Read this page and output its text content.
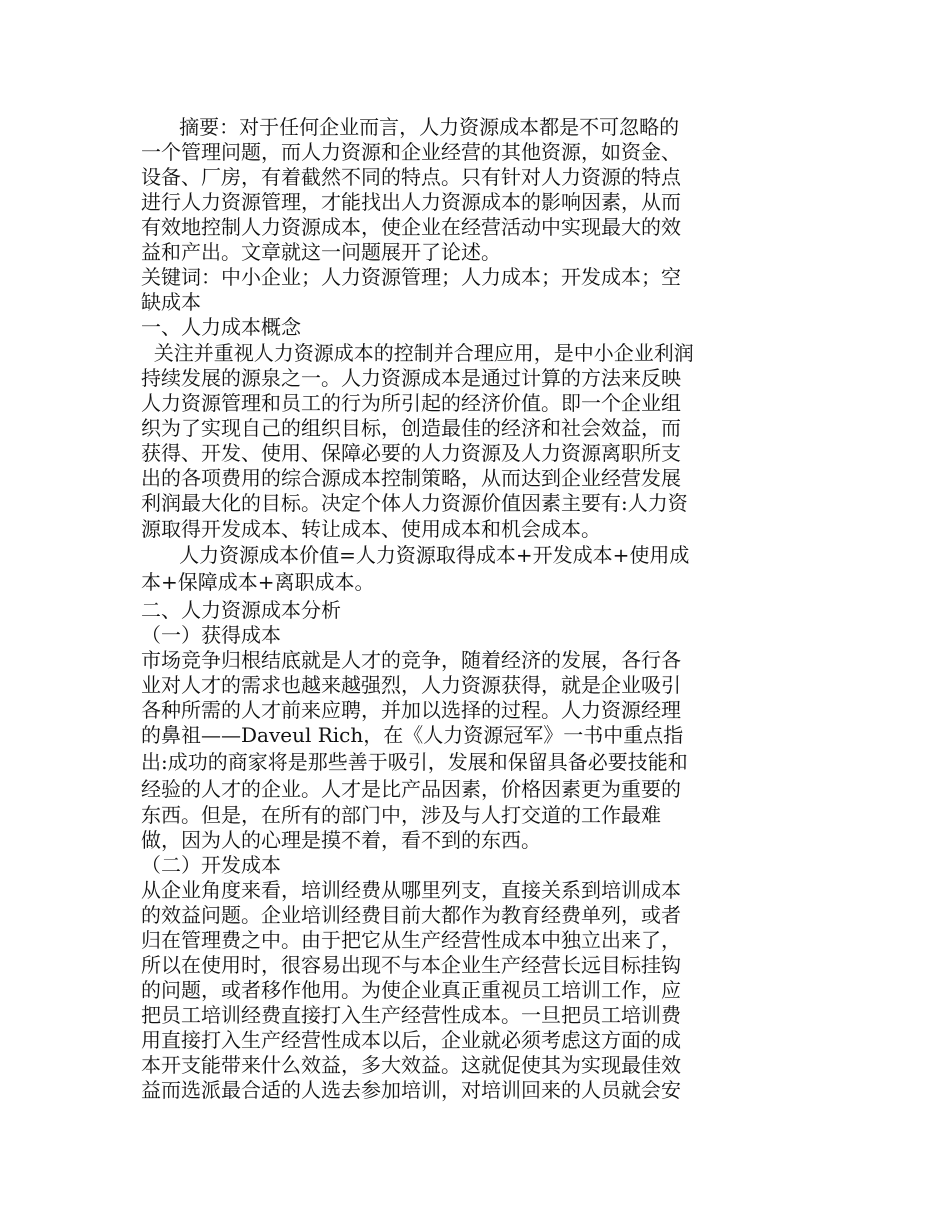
摘要：对于任何企业而言，人力资源成本都是不可忽略的
一个管理问题，而人力资源和企业经营的其他资源，如资金、
设备、厂房，有着截然不同的特点。只有针对人力资源的特点
进行人力资源管理，才能找出人力资源成本的影响因素，从而
有效地控制人力资源成本，使企业在经营活动中实现最大的效
益和产出。文章就这一问题展开了论述。
关键词：中小企业；人力资源管理；人力成本；开发成本；空
缺成本
一、人力成本概念
关注并重视人力资源成本的控制并合理应用，是中小企业利润
持续发展的源泉之一。人力资源成本是通过计算的方法来反映
人力资源管理和员工的行为所引起的经济价值。即一个企业组
织为了实现自己的组织目标，创造最佳的经济和社会效益，而
获得、开发、使用、保障必要的人力资源及人力资源离职所支
出的各项费用的综合源成本控制策略，从而达到企业经营发展
利润最大化的目标。决定个体人力资源价值因素主要有:人力资
源取得开发成本、转让成本、使用成本和机会成本。
人力资源成本价值=人力资源取得成本+开发成本+使用成
本+保障成本+离职成本。
二、人力资源成本分析
（一）获得成本
市场竞争归根结底就是人才的竞争，随着经济的发展，各行各
业对人才的需求也越来越强烈，人力资源获得，就是企业吸引
各种所需的人才前来应聘，并加以选择的过程。人力资源经理
的鼻祖——Daveul Rich，在《人力资源冠军》一书中重点指
出:成功的商家将是那些善于吸引，发展和保留具备必要技能和
经验的人才的企业。人才是比产品因素，价格因素更为重要的
东西。但是，在所有的部门中，涉及与人打交道的工作最难
做，因为人的心理是摸不着，看不到的东西。
（二）开发成本
从企业角度来看，培训经费从哪里列支，直接关系到培训成本
的效益问题。企业培训经费目前大都作为教育经费单列，或者
归在管理费之中。由于把它从生产经营性成本中独立出来了，
所以在使用时，很容易出现不与本企业生产经营长远目标挂钩
的问题，或者移作他用。为使企业真正重视员工培训工作，应
把员工培训经费直接打入生产经营性成本。一旦把员工培训费
用直接打入生产经营性成本以后，企业就必须考虑这方面的成
本开支能带来什么效益，多大效益。这就促使其为实现最佳效
益而选派最合适的人选去参加培训，对培训回来的人员就会安
